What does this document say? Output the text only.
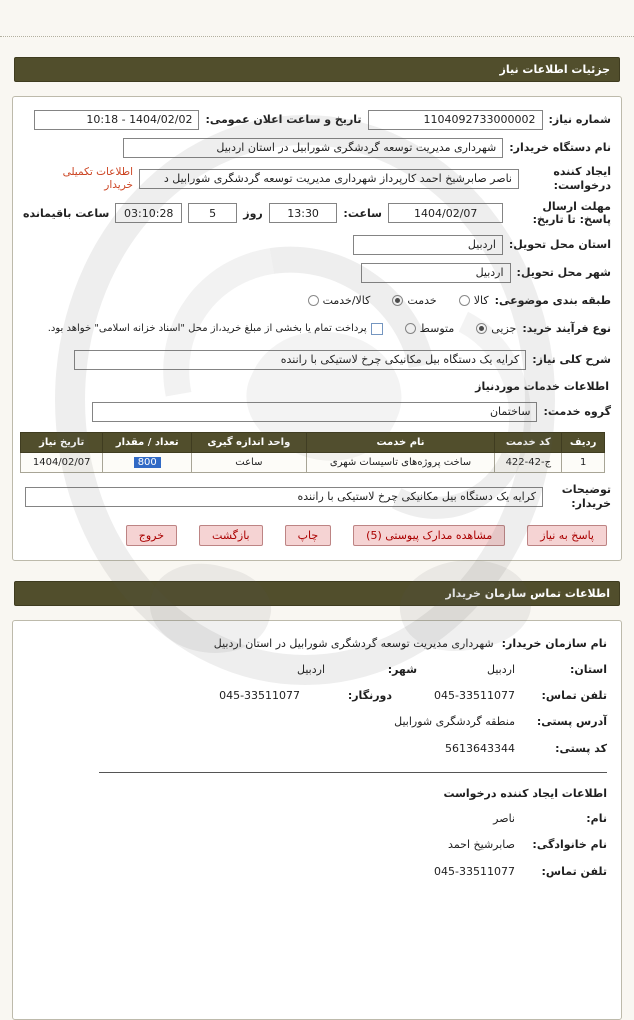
جزئیات اطلاعات نیاز
شماره نیاز:
1104092733000002
تاریخ و ساعت اعلان عمومی:
1404/02/02 - 10:18
نام دستگاه خریدار:
شهرداری مدیریت توسعه گردشگری شورابیل در استان اردبیل
ایجاد کننده درخواست:
ناصر صابرشیخ احمد کارپرداز شهرداری مدیریت توسعه گردشگری شورابیل د
اطلاعات تکمیلی خریدار
مهلت ارسال پاسخ: تا تاریخ:
1404/02/07
ساعت:
13:30
روز
5
03:10:28
ساعت باقیمانده
استان محل تحویل:
اردبیل
شهر محل تحویل:
اردبیل
طبقه بندی موضوعی:
کالا
خدمت
کالا/خدمت
نوع فرآیند خرید:
جزیی
متوسط
پرداخت تمام یا بخشی از مبلغ خرید،از محل "اسناد خزانه اسلامی" خواهد بود.
شرح کلی نیاز:
کرایه یک دستگاه بیل مکانیکی چرخ لاستیکی با راننده
اطلاعات خدمات موردنیاز
گروه خدمت:
ساختمان
ردیف	کد خدمت	نام خدمت	واحد اندازه گیری	تعداد / مقدار	تاریخ نیاز
1	ج-42-422	ساخت پروژه‌های تاسیسات شهری	ساعت	800	1404/02/07
توضیحات خریدار:
کرایه یک دستگاه بیل مکانیکی چرخ لاستیکی با راننده
پاسخ به نیاز
مشاهده مدارک پیوستی (5)
چاپ
بازگشت
خروج
اطلاعات تماس سازمان خریدار
نام سازمان خریدار:
شهرداری مدیریت توسعه گردشگری شورابیل در استان اردبیل
استان:
اردبیل
شهر:
اردبیل
تلفن تماس:
045-33511077
دورنگار:
045-33511077
آدرس پستی:
منطقه گردشگری شورابیل
کد پستی:
5613643344
اطلاعات ایجاد کننده درخواست
نام:
ناصر
نام خانوادگی:
صابرشیخ احمد
تلفن تماس:
045-33511077
